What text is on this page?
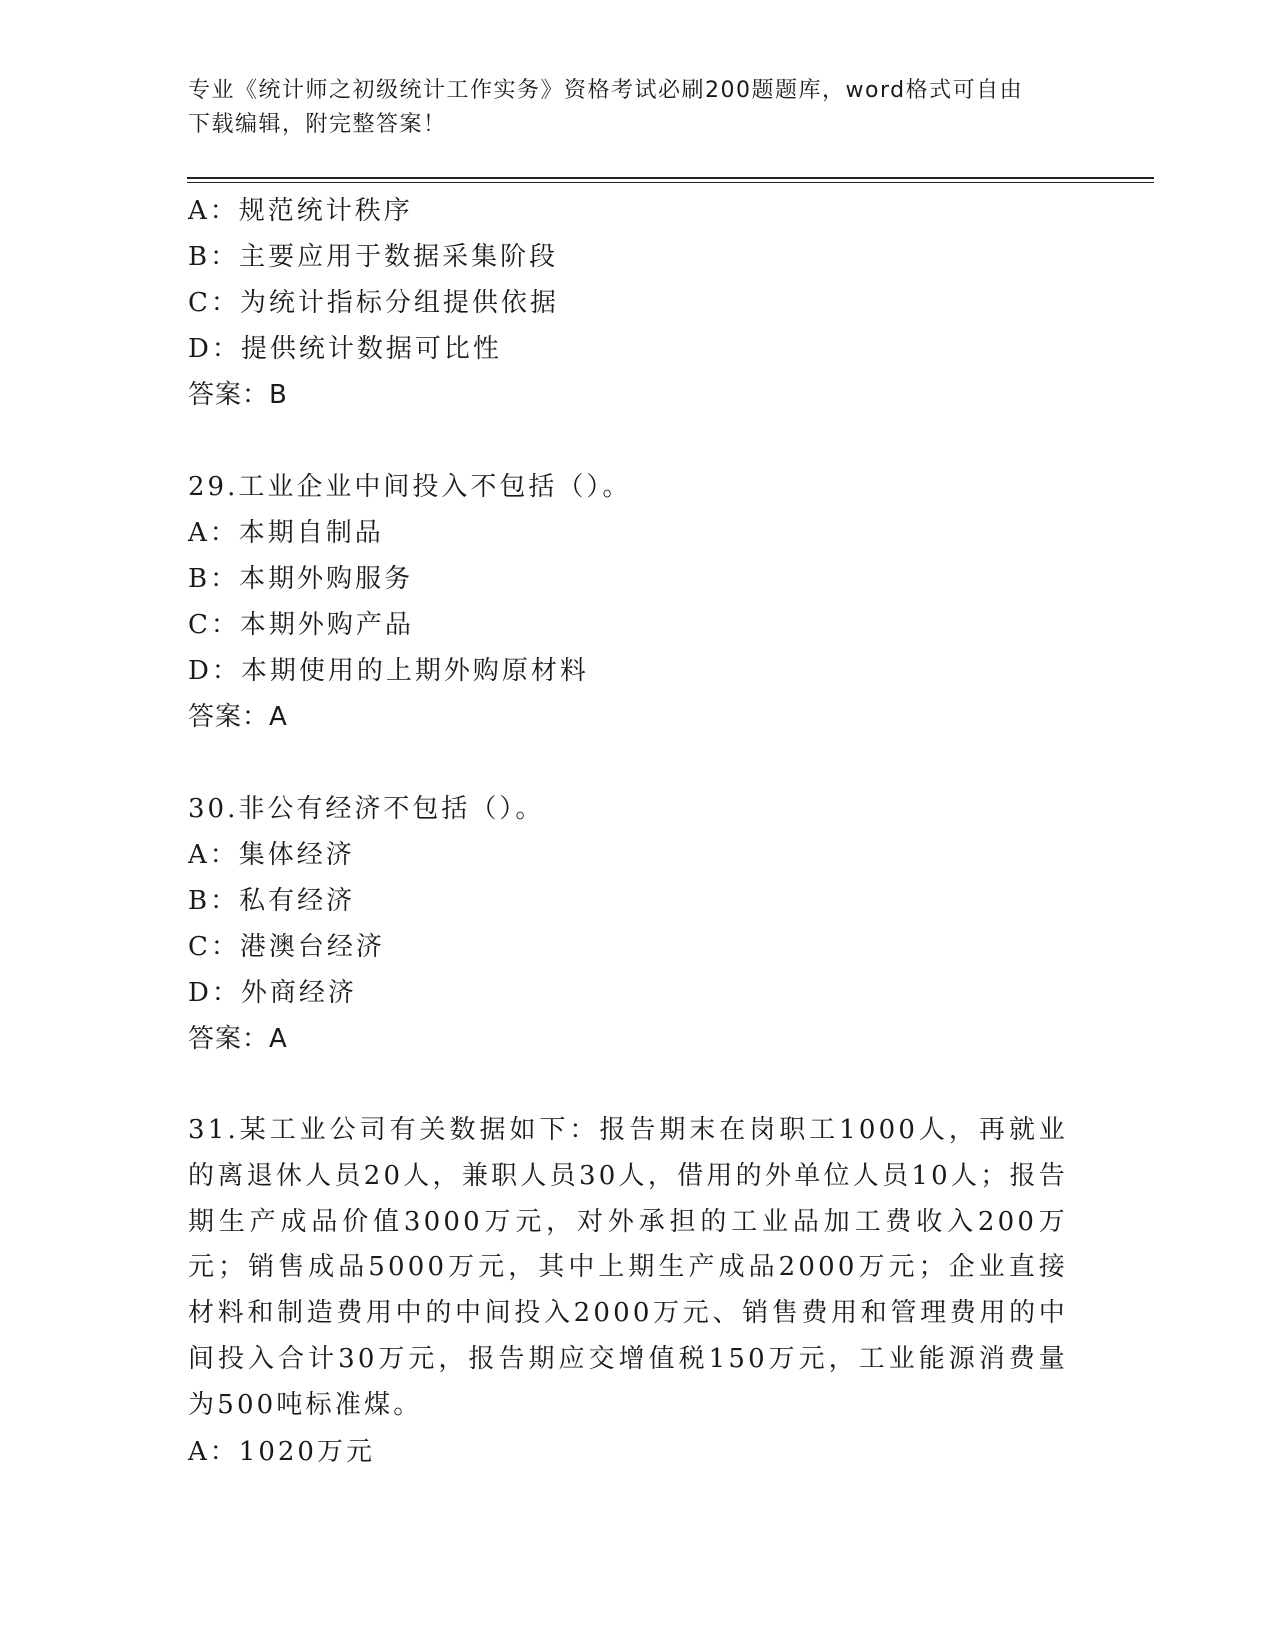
专业《统计师之初级统计工作实务》资格考试必刷200题题库，word格式可自由
下载编辑，附完整答案！
A：规范统计秩序
B：主要应用于数据采集阶段
C：为统计指标分组提供依据
D：提供统计数据可比性
答案：B
29.工业企业中间投入不包括（）。
A：本期自制品
B：本期外购服务
C：本期外购产品
D：本期使用的上期外购原材料
答案：A
30.非公有经济不包括（）。
A：集体经济
B：私有经济
C：港澳台经济
D：外商经济
答案：A
31.某工业公司有关数据如下：报告期末在岗职工1000人，再就业的离退休人员20人，兼职人员30人，借用的外单位人员10人；报告期生产成品价值3000万元，对外承担的工业品加工费收入200万元；销售成品5000万元，其中上期生产成品2000万元；企业直接材料和制造费用中的中间投入2000万元、销售费用和管理费用的中间投入合计30万元，报告期应交增值税150万元，工业能源消费量为500吨标准煤。
A：1020万元
